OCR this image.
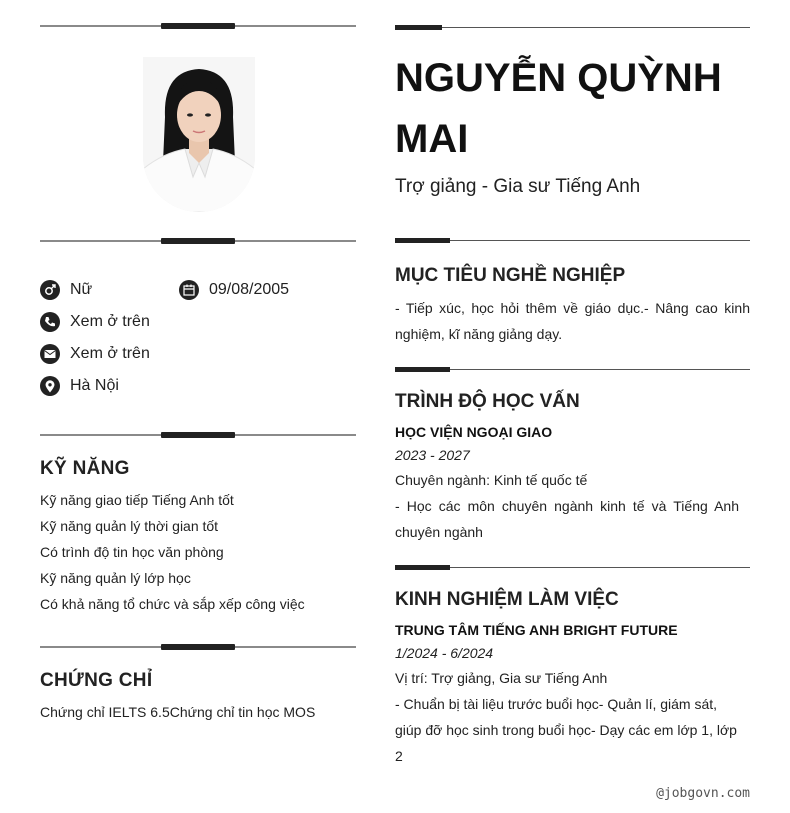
Nữ	09/08/2005
Xem ở trên
Xem ở trên
Hà Nội
KỸ NĂNG
Kỹ năng giao tiếp Tiếng Anh tốt
Kỹ năng quản lý thời gian tốt
Có trình độ tin học văn phòng
Kỹ năng quản lý lớp học
Có khả năng tổ chức và sắp xếp công việc
CHỨNG CHỈ
Chứng chỉ IELTS 6.5Chứng chỉ tin học MOS
NGUYỄN QUỲNH MAI
Trợ giảng - Gia sư Tiếng Anh
MỤC TIÊU NGHỀ NGHIỆP
- Tiếp xúc, học hỏi thêm về giáo dục.- Nâng cao kinh nghiệm, kĩ năng giảng dạy.
TRÌNH ĐỘ HỌC VẤN
HỌC VIỆN NGOẠI GIAO
2023 - 2027
Chuyên ngành: Kinh tế quốc tế
- Học các môn chuyên ngành kinh tế và Tiếng Anh chuyên ngành
KINH NGHIỆM LÀM VIỆC
TRUNG TÂM TIẾNG ANH BRIGHT FUTURE
1/2024 - 6/2024
Vị trí: Trợ giảng, Gia sư Tiếng Anh
- Chuẩn bị tài liệu trước buổi học- Quản lí, giám sát, giúp đỡ học sinh trong buổi học- Dạy các em lớp 1, lớp 2
@jobgovn.com
